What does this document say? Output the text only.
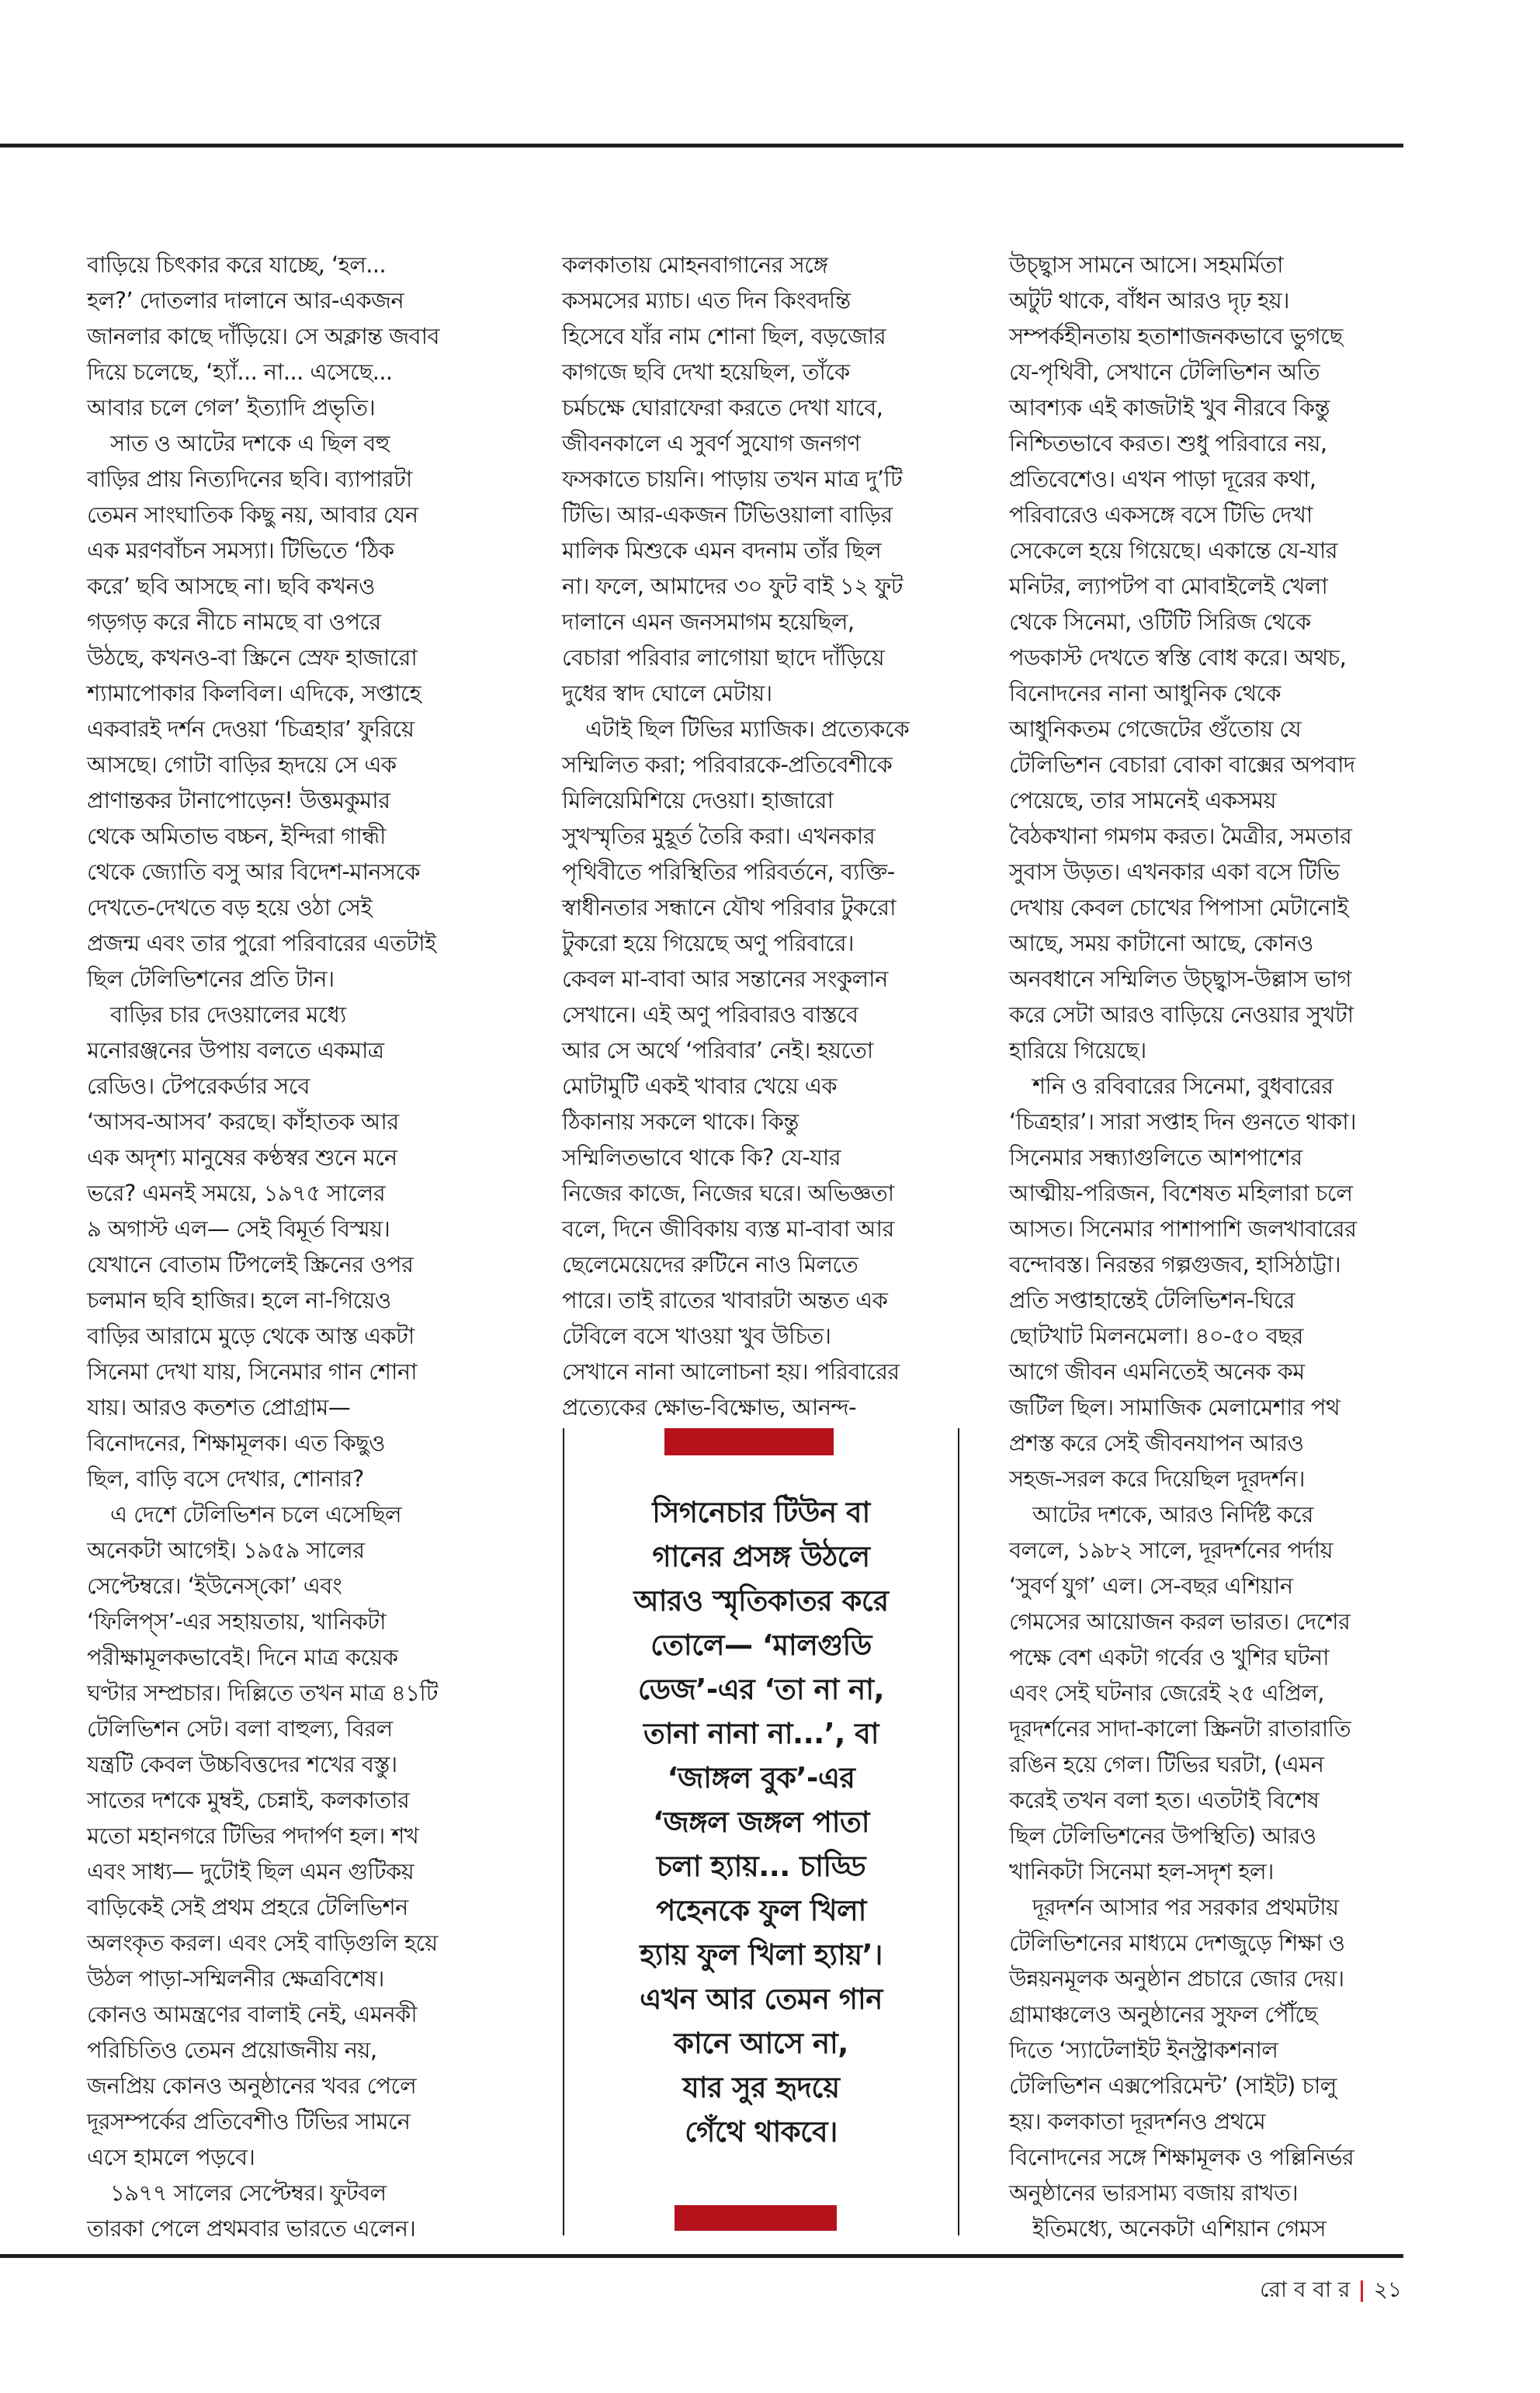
বাড়িয়ে চিৎকার করে যাচ্ছে, ‘হল...
হল?’ দোতলার দালানে আর-একজন
জানলার কাছে দাঁড়িয়ে। সে অক্লান্ত জবাব
দিয়ে চলেছে, ‘হ্যাঁ... না... এসেছে...
আবার চলে গেল’ ইত্যাদি প্রভৃতি।
সাত ও আটের দশকে এ ছিল বহু
বাড়ির প্রায় নিত্যদিনের ছবি। ব্যাপারটা
তেমন সাংঘাতিক কিছু নয়, আবার যেন
এক মরণবাঁচন সমস্যা। টিভিতে ‘ঠিক
করে’ ছবি আসছে না। ছবি কখনও
গড়গড় করে নীচে নামছে বা ওপরে
উঠছে, কখনও-বা স্ক্রিনে স্রেফ হাজারো
শ্যামাপোকার কিলবিল। এদিকে, সপ্তাহে
একবারই দর্শন দেওয়া ‘চিত্রহার’ ফুরিয়ে
আসছে। গোটা বাড়ির হৃদয়ে সে এক
প্রাণান্তকর টানাপোড়েন! উত্তমকুমার
থেকে অমিতাভ বচ্চন, ইন্দিরা গান্ধী
থেকে জ্যোতি বসু আর বিদেশ-মানসকে
দেখতে-দেখতে বড় হয়ে ওঠা সেই
প্রজন্ম এবং তার পুরো পরিবারের এতটাই
ছিল টেলিভিশনের প্রতি টান।
বাড়ির চার দেওয়ালের মধ্যে
মনোরঞ্জনের উপায় বলতে একমাত্র
রেডিও। টেপরেকর্ডার সবে
‘আসব-আসব’ করছে। কাঁহাতক আর
এক অদৃশ্য মানুষের কণ্ঠস্বর শুনে মনে
ভরে? এমনই সময়ে, ১৯৭৫ সালের
৯ অগাস্ট এল— সেই বিমূর্ত বিস্ময়।
যেখানে বোতাম টিপলেই স্ক্রিনের ওপর
চলমান ছবি হাজির। হলে না-গিয়েও
বাড়ির আরামে মুড়ে থেকে আস্ত একটা
সিনেমা দেখা যায়, সিনেমার গান শোনা
যায়। আরও কতশত প্রোগ্রাম—
বিনোদনের, শিক্ষামূলক। এত কিছুও
ছিল, বাড়ি বসে দেখার, শোনার?
এ দেশে টেলিভিশন চলে এসেছিল
অনেকটা আগেই। ১৯৫৯ সালের
সেপ্টেম্বরে। ‘ইউনেস্‌কো’ এবং
‘ফিলিপ্‌স’-এর সহায়তায়, খানিকটা
পরীক্ষামূলকভাবেই। দিনে মাত্র কয়েক
ঘণ্টার সম্প্রচার। দিল্লিতে তখন মাত্র ৪১টি
টেলিভিশন সেট। বলা বাহুল্য, বিরল
যন্ত্রটি কেবল উচ্চবিত্তদের শখের বস্তু।
সাতের দশকে মুম্বই, চেন্নাই, কলকাতার
মতো মহানগরে টিভির পদার্পণ হল। শখ
এবং সাধ্য— দুটোই ছিল এমন গুটিকয়
বাড়িকেই সেই প্রথম প্রহরে টেলিভিশন
অলংকৃত করল। এবং সেই বাড়িগুলি হয়ে
উঠল পাড়া-সম্মিলনীর ক্ষেত্রবিশেষ।
কোনও আমন্ত্রণের বালাই নেই, এমনকী
পরিচিতিও তেমন প্রয়োজনীয় নয়,
জনপ্রিয় কোনও অনুষ্ঠানের খবর পেলে
দূরসম্পর্কের প্রতিবেশীও টিভির সামনে
এসে হামলে পড়বে।
১৯৭৭ সালের সেপ্টেম্বর। ফুটবল
তারকা পেলে প্রথমবার ভারতে এলেন।
কলকাতায় মোহনবাগানের সঙ্গে
কসমসের ম্যাচ। এত দিন কিংবদন্তি
হিসেবে যাঁর নাম শোনা ছিল, বড়জোর
কাগজে ছবি দেখা হয়েছিল, তাঁকে
চর্মচক্ষে ঘোরাফেরা করতে দেখা যাবে,
জীবনকালে এ সুবর্ণ সুযোগ জনগণ
ফসকাতে চায়নি। পাড়ায় তখন মাত্র দু’টি
টিভি। আর-একজন টিভিওয়ালা বাড়ির
মালিক মিশুকে এমন বদনাম তাঁর ছিল
না। ফলে, আমাদের ৩০ ফুট বাই ১২ ফুট
দালানে এমন জনসমাগম হয়েছিল,
বেচারা পরিবার লাগোয়া ছাদে দাঁড়িয়ে
দুধের স্বাদ ঘোলে মেটায়।
এটাই ছিল টিভির ম্যাজিক। প্রত্যেককে
সম্মিলিত করা; পরিবারকে-প্রতিবেশীকে
মিলিয়েমিশিয়ে দেওয়া। হাজারো
সুখস্মৃতির মুহূর্ত তৈরি করা। এখনকার
পৃথিবীতে পরিস্থিতির পরিবর্তনে, ব্যক্তি-
স্বাধীনতার সন্ধানে যৌথ পরিবার টুকরো
টুকরো হয়ে গিয়েছে অণু পরিবারে।
কেবল মা-বাবা আর সন্তানের সংকুলান
সেখানে। এই অণু পরিবারও বাস্তবে
আর সে অর্থে ‘পরিবার’ নেই। হয়তো
মোটামুটি একই খাবার খেয়ে এক
ঠিকানায় সকলে থাকে। কিন্তু
সম্মিলিতভাবে থাকে কি? যে-যার
নিজের কাজে, নিজের ঘরে। অভিজ্ঞতা
বলে, দিনে জীবিকায় ব্যস্ত মা-বাবা আর
ছেলেমেয়েদের রুটিনে নাও মিলতে
পারে। তাই রাতের খাবারটা অন্তত এক
টেবিলে বসে খাওয়া খুব উচিত।
সেখানে নানা আলোচনা হয়। পরিবারের
প্রত্যেকের ক্ষোভ-বিক্ষোভ, আনন্দ-
সিগনেচার টিউন বা
গানের প্রসঙ্গ উঠলে
আরও স্মৃতিকাতর করে
তোলে— ‘মালগুডি
ডেজ’-এর ‘তা না না,
তানা নানা না...’, বা
‘জাঙ্গল বুক’-এর
‘জঙ্গল জঙ্গল পাতা
চলা হ্যায়... চাড্ডি
পহেনকে ফুল খিলা
হ্যায় ফুল খিলা হ্যায়’।
এখন আর তেমন গান
কানে আসে না,
যার সুর হৃদয়ে
গেঁথে থাকবে।
উচ্ছ্বাস সামনে আসে। সহমর্মিতা
অটুট থাকে, বাঁধন আরও দৃঢ় হয়।
সম্পর্কহীনতায় হতাশাজনকভাবে ভুগছে
যে-পৃথিবী, সেখানে টেলিভিশন অতি
আবশ্যক এই কাজটাই খুব নীরবে কিন্তু
নিশ্চিতভাবে করত। শুধু পরিবারে নয়,
প্রতিবেশেও। এখন পাড়া দূরের কথা,
পরিবারেও একসঙ্গে বসে টিভি দেখা
সেকেলে হয়ে গিয়েছে। একান্তে যে-যার
মনিটর, ল্যাপটপ বা মোবাইলেই খেলা
থেকে সিনেমা, ওটিটি সিরিজ থেকে
পডকাস্ট দেখতে স্বস্তি বোধ করে। অথচ,
বিনোদনের নানা আধুনিক থেকে
আধুনিকতম গেজেটের গুঁতোয় যে
টেলিভিশন বেচারা বোকা বাক্সের অপবাদ
পেয়েছে, তার সামনেই একসময়
বৈঠকখানা গমগম করত। মৈত্রীর, সমতার
সুবাস উড়ত। এখনকার একা বসে টিভি
দেখায় কেবল চোখের পিপাসা মেটানোই
আছে, সময় কাটানো আছে, কোনও
অনবধানে সম্মিলিত উচ্ছ্বাস-উল্লাস ভাগ
করে সেটা আরও বাড়িয়ে নেওয়ার সুখটা
হারিয়ে গিয়েছে।
শনি ও রবিবারের সিনেমা, বুধবারের
‘চিত্রহার’। সারা সপ্তাহ দিন গুনতে থাকা।
সিনেমার সন্ধ্যাগুলিতে আশপাশের
আত্মীয়-পরিজন, বিশেষত মহিলারা চলে
আসত। সিনেমার পাশাপাশি জলখাবারের
বন্দোবস্ত। নিরন্তর গল্পগুজব, হাসিঠাট্টা।
প্রতি সপ্তাহান্তেই টেলিভিশন-ঘিরে
ছোটখাট মিলনমেলা। ৪০-৫০ বছর
আগে জীবন এমনিতেই অনেক কম
জটিল ছিল। সামাজিক মেলামেশার পথ
প্রশস্ত করে সেই জীবনযাপন আরও
সহজ-সরল করে দিয়েছিল দূরদর্শন।
আটের দশকে, আরও নির্দিষ্ট করে
বললে, ১৯৮২ সালে, দূরদর্শনের পর্দায়
‘সুবর্ণ যুগ’ এল। সে-বছর এশিয়ান
গেমসের আয়োজন করল ভারত। দেশের
পক্ষে বেশ একটা গর্বের ও খুশির ঘটনা
এবং সেই ঘটনার জেরেই ২৫ এপ্রিল,
দূরদর্শনের সাদা-কালো স্ক্রিনটা রাতারাতি
রঙিন হয়ে গেল। টিভির ঘরটা, (এমন
করেই তখন বলা হত। এতটাই বিশেষ
ছিল টেলিভিশনের উপস্থিতি) আরও
খানিকটা সিনেমা হল-সদৃশ হল।
দূরদর্শন আসার পর সরকার প্রথমটায়
টেলিভিশনের মাধ্যমে দেশজুড়ে শিক্ষা ও
উন্নয়নমূলক অনুষ্ঠান প্রচারে জোর দেয়।
গ্রামাঞ্চলেও অনুষ্ঠানের সুফল পৌঁছে
দিতে ‘স্যাটেলাইট ইনস্ট্রাকশনাল
টেলিভিশন এক্সপেরিমেন্ট’ (সাইট) চালু
হয়। কলকাতা দূরদর্শনও প্রথমে
বিনোদনের সঙ্গে শিক্ষামূলক ও পল্লিনির্ভর
অনুষ্ঠানের ভারসাম্য বজায় রাখত।
ইতিমধ্যে, অনেকটা এশিয়ান গেমস
রো ব বা র | ২১
